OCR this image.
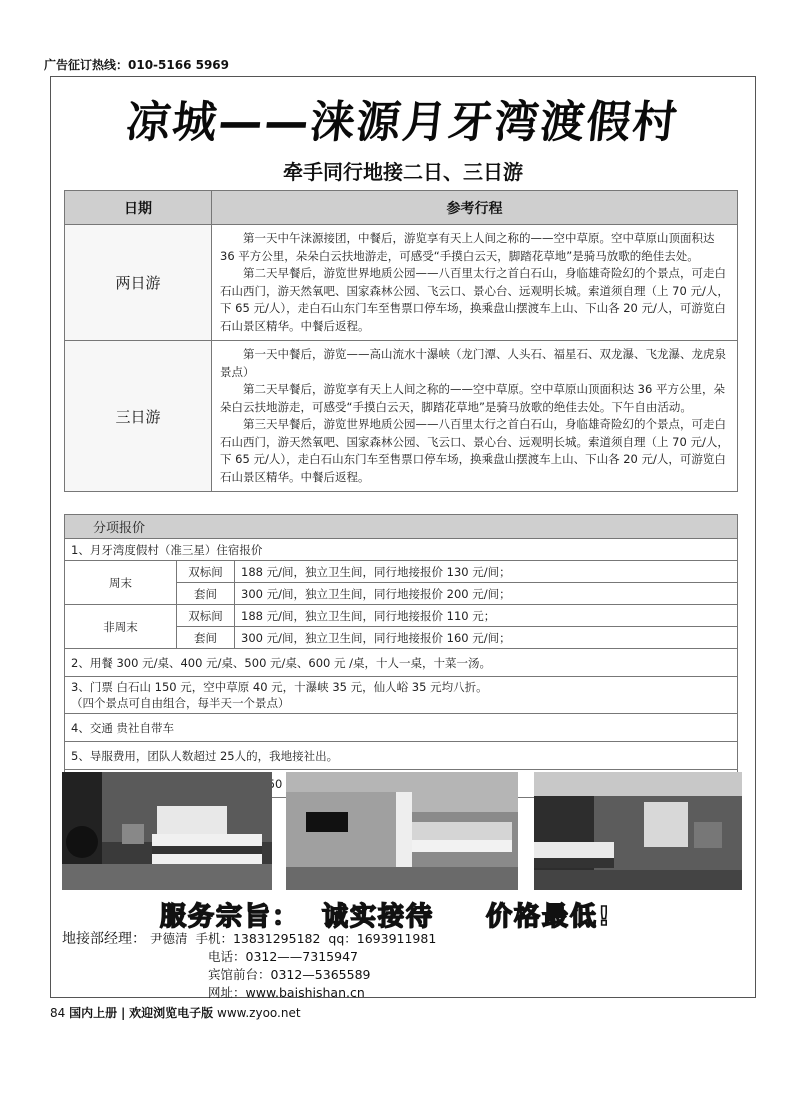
广告征订热线：010-5166 5969
凉城——涞源月牙湾渡假村
牵手同行地接二日、三日游
日期	参考行程
两日游	第一天中午涞源接团，中餐后，游览享有天上人间之称的——空中草原。空中草原山顶面积达 36 平方公里，朵朵白云扶地游走，可感受“手摸白云天，脚踏花草地”是骑马放歌的绝佳去处。

第二天早餐后，游览世界地质公园——八百里太行之首白石山，身临雄奇险幻的个景点，可走白石山西门，游天然氧吧、国家森林公园、飞云口、景心台、远观明长城。索道须自理（上 70 元/人，下 65 元/人），走白石山东门车至售票口停车场，换乘盘山摆渡车上山、下山各 20 元/人，可游览白石山景区精华。中餐后返程。

三日游	第一天中餐后，游览——高山流水十瀑峡（龙门潭、人头石、福星石、双龙瀑、飞龙瀑、龙虎泉景点）

第二天早餐后，游览享有天上人间之称的——空中草原。空中草原山顶面积达 36 平方公里，朵朵白云扶地游走，可感受“手摸白云天，脚踏花草地”是骑马放歌的绝佳去处。下午自由活动。

第三天早餐后，游览世界地质公园——八百里太行之首白石山，身临雄奇险幻的个景点，可走白石山西门，游天然氧吧、国家森林公园、飞云口、景心台、远观明长城。索道须自理（上 70 元/人，下 65 元/人），走白石山东门车至售票口停车场，换乘盘山摆渡车上山、下山各 20 元/人，可游览白石山景区精华。中餐后返程。

分项报价		
1、月牙湾度假村（准三星）住宿报价		
周末	双标间	188 元/间，独立卫生间，同行地接报价 130 元/间；
	套间	300 元/间，独立卫生间，同行地接报价 200 元/间；
非周末	双标间	188 元/间，独立卫生间，同行地接报价 110 元；
	套间	300 元/间，独立卫生间，同行地接报价 160 元/间；
2、用餐 300 元/桌、400 元/桌、500 元/桌、600 元 /桌，十人一桌，十菜一汤。		

3、门票 白石山 150 元，空中草原 40 元，十瀑峡 35 元，仙人峪 35 元均八折。
（四个景点可自由组合，每半天一个景点）		

4、交通 贵社自带车		
5、导服费用，团队人数超过 25人的，我地接社出。		

服务宗旨： 诚实接待 价格最低!
地接部经理： 尹德清 手机：13831295182 qq：1693911981
电话：0312——7315947
宾馆前台：0312—5365589
网址：www.baishishan.cn
84 国内上册 | 欢迎浏览电子版 www.zyoo.net
